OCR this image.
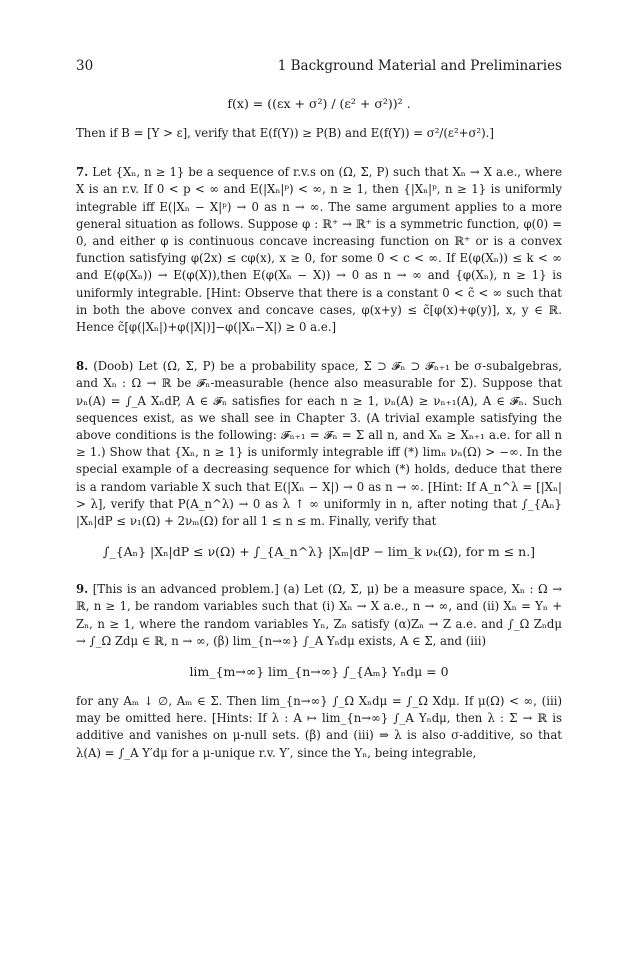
30	1 Background Material and Preliminaries
f(x) = ((εx + σ²) / (ε² + σ²))² .

Then if B = [Y > ε], verify that E(f(Y)) ≥ P(B) and E(f(Y)) = σ²/(ε²+σ²).]

7. Let {Xₙ, n ≥ 1} be a sequence of r.v.s on (Ω, Σ, P) such that Xₙ → X a.e., where X is an r.v. If 0 < p < ∞ and E(|Xₙ|ᵖ) < ∞, n ≥ 1, then {|Xₙ|ᵖ, n ≥ 1} is uniformly integrable iff E(|Xₙ − X|ᵖ) → 0 as n → ∞. The same argument applies to a more general situation as follows. Suppose φ : ℝ⁺ → ℝ⁺ is a symmetric function, φ(0) = 0, and either φ is continuous concave increasing function on ℝ⁺ or is a convex function satisfying φ(2x) ≤ cφ(x), x ≥ 0, for some 0 < c < ∞. If E(φ(Xₙ)) ≤ k < ∞ and E(φ(Xₙ)) → E(φ(X)),then E(φ(Xₙ − X)) → 0 as n → ∞ and {φ(Xₙ), n ≥ 1} is uniformly integrable. [Hint: Observe that there is a constant 0 < c̃ < ∞ such that in both the above convex and concave cases, φ(x+y) ≤ c̃[φ(x)+φ(y)], x, y ∈ ℝ. Hence c̃[φ(|Xₙ|)+φ(|X|)]−φ(|Xₙ−X|) ≥ 0 a.e.]

8. (Doob) Let (Ω, Σ, P) be a probability space, Σ ⊃ 𝓕ₙ ⊃ 𝓕ₙ₊₁ be σ-subalgebras, and Xₙ : Ω → ℝ be 𝓕ₙ-measurable (hence also measurable for Σ). Suppose that νₙ(A) = ∫_A XₙdP, A ∈ 𝓕ₙ satisfies for each n ≥ 1, νₙ(A) ≥ νₙ₊₁(A), A ∈ 𝓕ₙ. Such sequences exist, as we shall see in Chapter 3. (A trivial example satisfying the above conditions is the following: 𝓕ₙ₊₁ = 𝓕ₙ = Σ all n, and Xₙ ≥ Xₙ₊₁ a.e. for all n ≥ 1.) Show that {Xₙ, n ≥ 1} is uniformly integrable iff (*) limₙ νₙ(Ω) > −∞. In the special example of a decreasing sequence for which (*) holds, deduce that there is a random variable X such that E(|Xₙ − X|) → 0 as n → ∞. [Hint: If A_n^λ = [|Xₙ| > λ], verify that P(A_n^λ) → 0 as λ ↑ ∞ uniformly in n, after noting that ∫_{Aₙ} |Xₙ|dP ≤ ν₁(Ω) + 2νₘ(Ω) for all 1 ≤ n ≤ m. Finally, verify that

∫_{Aₙ} |Xₙ|dP ≤ ν(Ω) + ∫_{A_n^λ} |Xₘ|dP − lim_k νₖ(Ω), for m ≤ n.]

9. [This is an advanced problem.] (a) Let (Ω, Σ, μ) be a measure space, Xₙ : Ω → ℝ, n ≥ 1, be random variables such that (i) Xₙ → X a.e., n → ∞, and (ii) Xₙ = Yₙ + Zₙ, n ≥ 1, where the random variables Yₙ, Zₙ satisfy (α)Zₙ → Z a.e. and ∫_Ω Zₙdμ → ∫_Ω Zdμ ∈ ℝ, n → ∞, (β) lim_{n→∞} ∫_A Yₙdμ exists, A ∈ Σ, and (iii)

lim_{m→∞} lim_{n→∞} ∫_{Aₘ} Yₙdμ = 0

for any Aₘ ↓ ∅, Aₘ ∈ Σ. Then lim_{n→∞} ∫_Ω Xₙdμ = ∫_Ω Xdμ. If μ(Ω) < ∞, (iii) may be omitted here. [Hints: If λ : A ↦ lim_{n→∞} ∫_A Yₙdμ, then λ : Σ → ℝ is additive and vanishes on μ-null sets. (β) and (iii) ⇒ λ is also σ-additive, so that λ(A) = ∫_A Y′dμ for a μ-unique r.v. Y′, since the Yₙ, being integrable,
